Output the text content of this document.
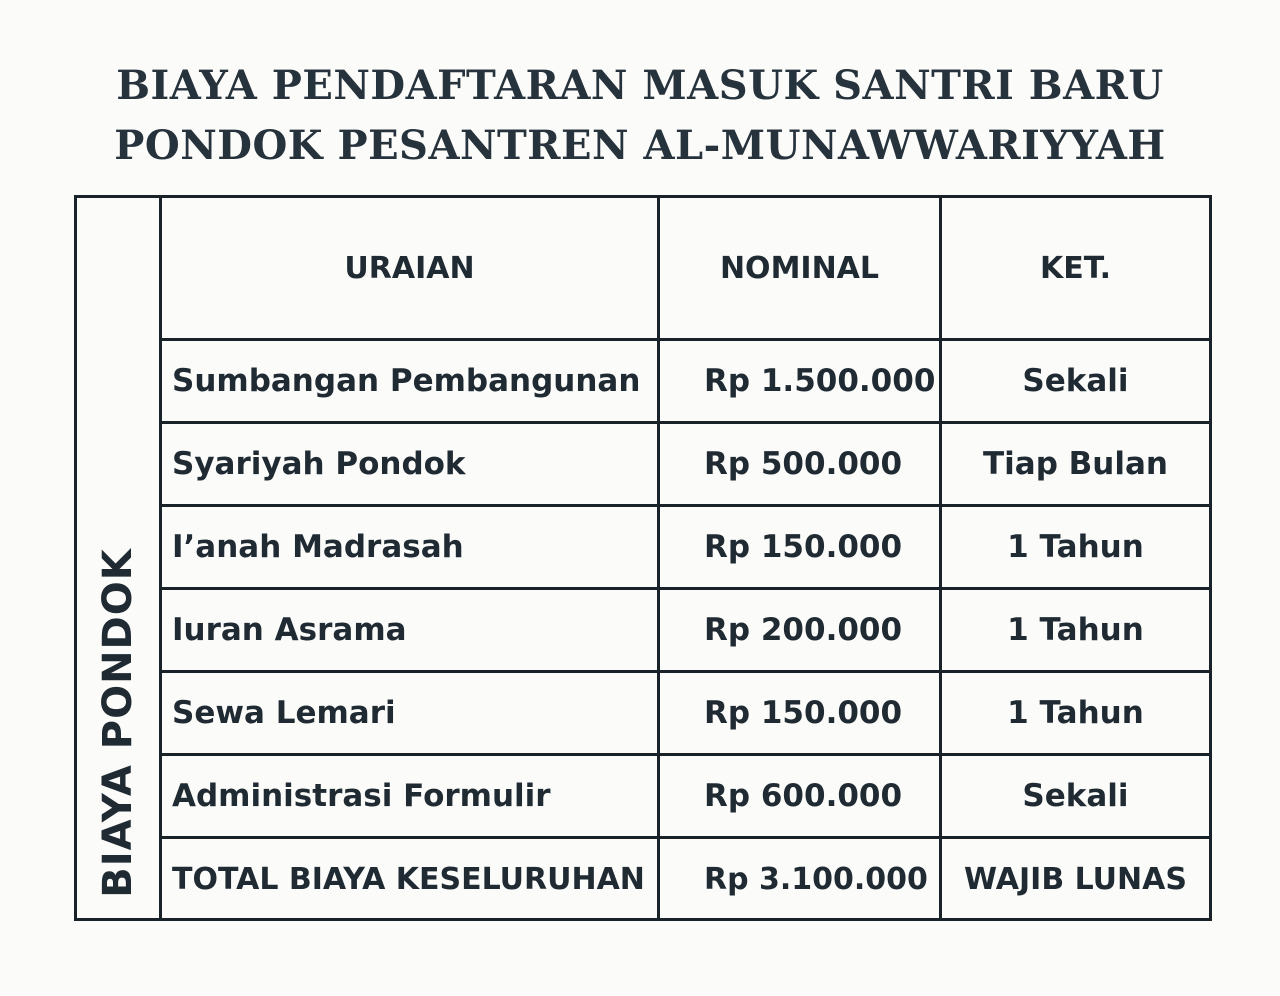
BIAYA PENDAFTARAN MASUK SANTRI BARU
PONDOK PESANTREN AL-MUNAWWARIYYAH
BIAYA PONDOK
URAIAN	NOMINAL	KET.
Sumbangan Pembangunan	Rp 1.500.000	Sekali
Syariyah Pondok	Rp 500.000	Tiap Bulan
I’anah Madrasah	Rp 150.000	1 Tahun
Iuran Asrama	Rp 200.000	1 Tahun
Sewa Lemari	Rp 150.000	1 Tahun
Administrasi Formulir	Rp 600.000	Sekali
TOTAL BIAYA KESELURUHAN	Rp 3.100.000	WAJIB LUNAS
